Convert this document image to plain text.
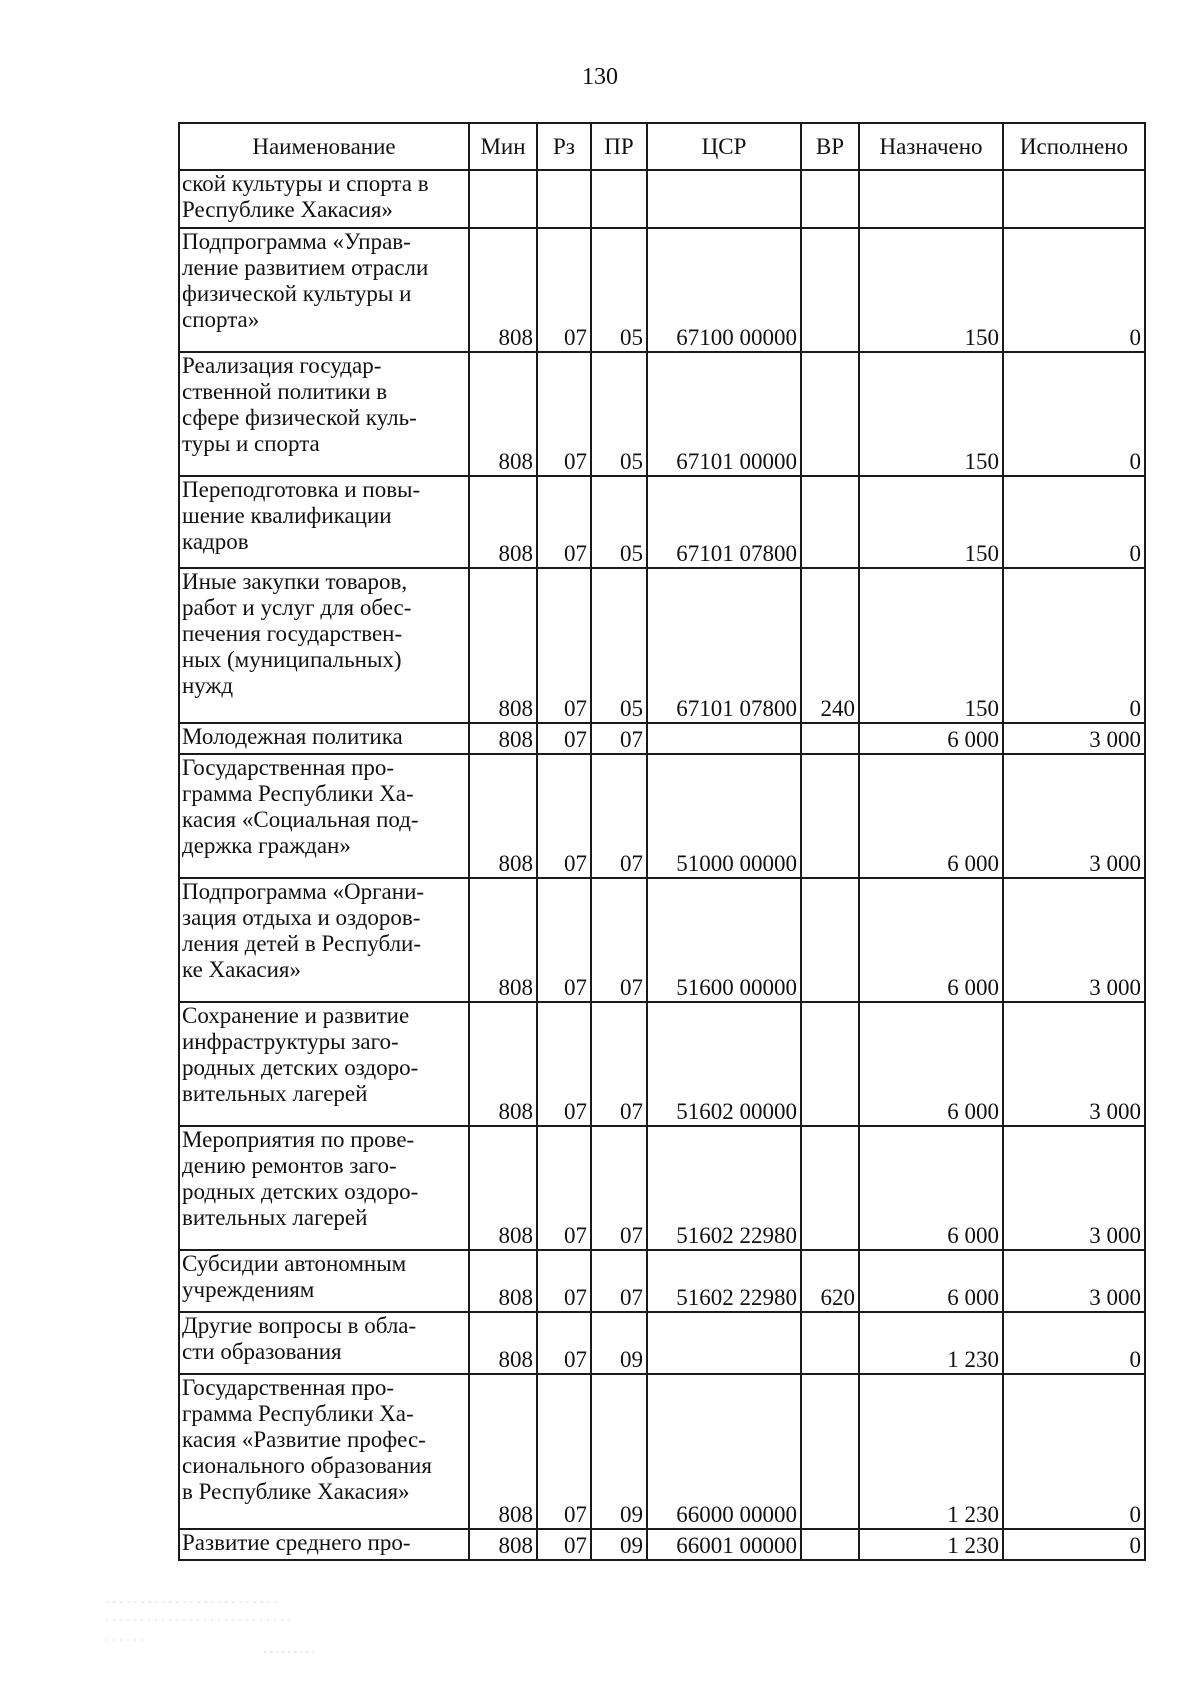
130
Наименование	Мин	Рз	ПР	ЦСР	ВР	Назначено	Исполнено

ской культуры и спорта в
Республике Хакасия»							

Подпрограмма «Управ-
ление развитием отрасли
физической культуры и
спорта»	808	07	05	67100 00000		150	0

Реализация государ-
ственной политики в
сфере физической куль-
туры и спорта	808	07	05	67101 00000		150	0

Переподготовка и повы-
шение квалификации
кадров	808	07	05	67101 07800		150	0

Иные закупки товаров,
работ и услуг для обес-
печения государствен-
ных (муниципальных)
нужд	808	07	05	67101 07800	240	150	0

Молодежная политика	808	07	07			6 000	3 000

Государственная про-
грамма Республики Ха-
касия «Социальная под-
держка граждан»	808	07	07	51000 00000		6 000	3 000

Подпрограмма «Органи-
зация отдыха и оздоров-
ления детей в Республи-
ке Хакасия»	808	07	07	51600 00000		6 000	3 000

Сохранение и развитие
инфраструктуры заго-
родных детских оздоро-
вительных лагерей	808	07	07	51602 00000		6 000	3 000

Мероприятия по прове-
дению ремонтов заго-
родных детских оздоро-
вительных лагерей	808	07	07	51602 22980		6 000	3 000

Субсидии автономным
учреждениям	808	07	07	51602 22980	620	6 000	3 000

Другие вопросы в обла-
сти образования	808	07	09			1 230	0

Государственная про-
грамма Республики Ха-
касия «Развитие профес-
сионального образования
в Республике Хакасия»	808	07	09	66000 00000		1 230	0

Развитие среднего про-	808	07	09	66001 00000		1 230	0
